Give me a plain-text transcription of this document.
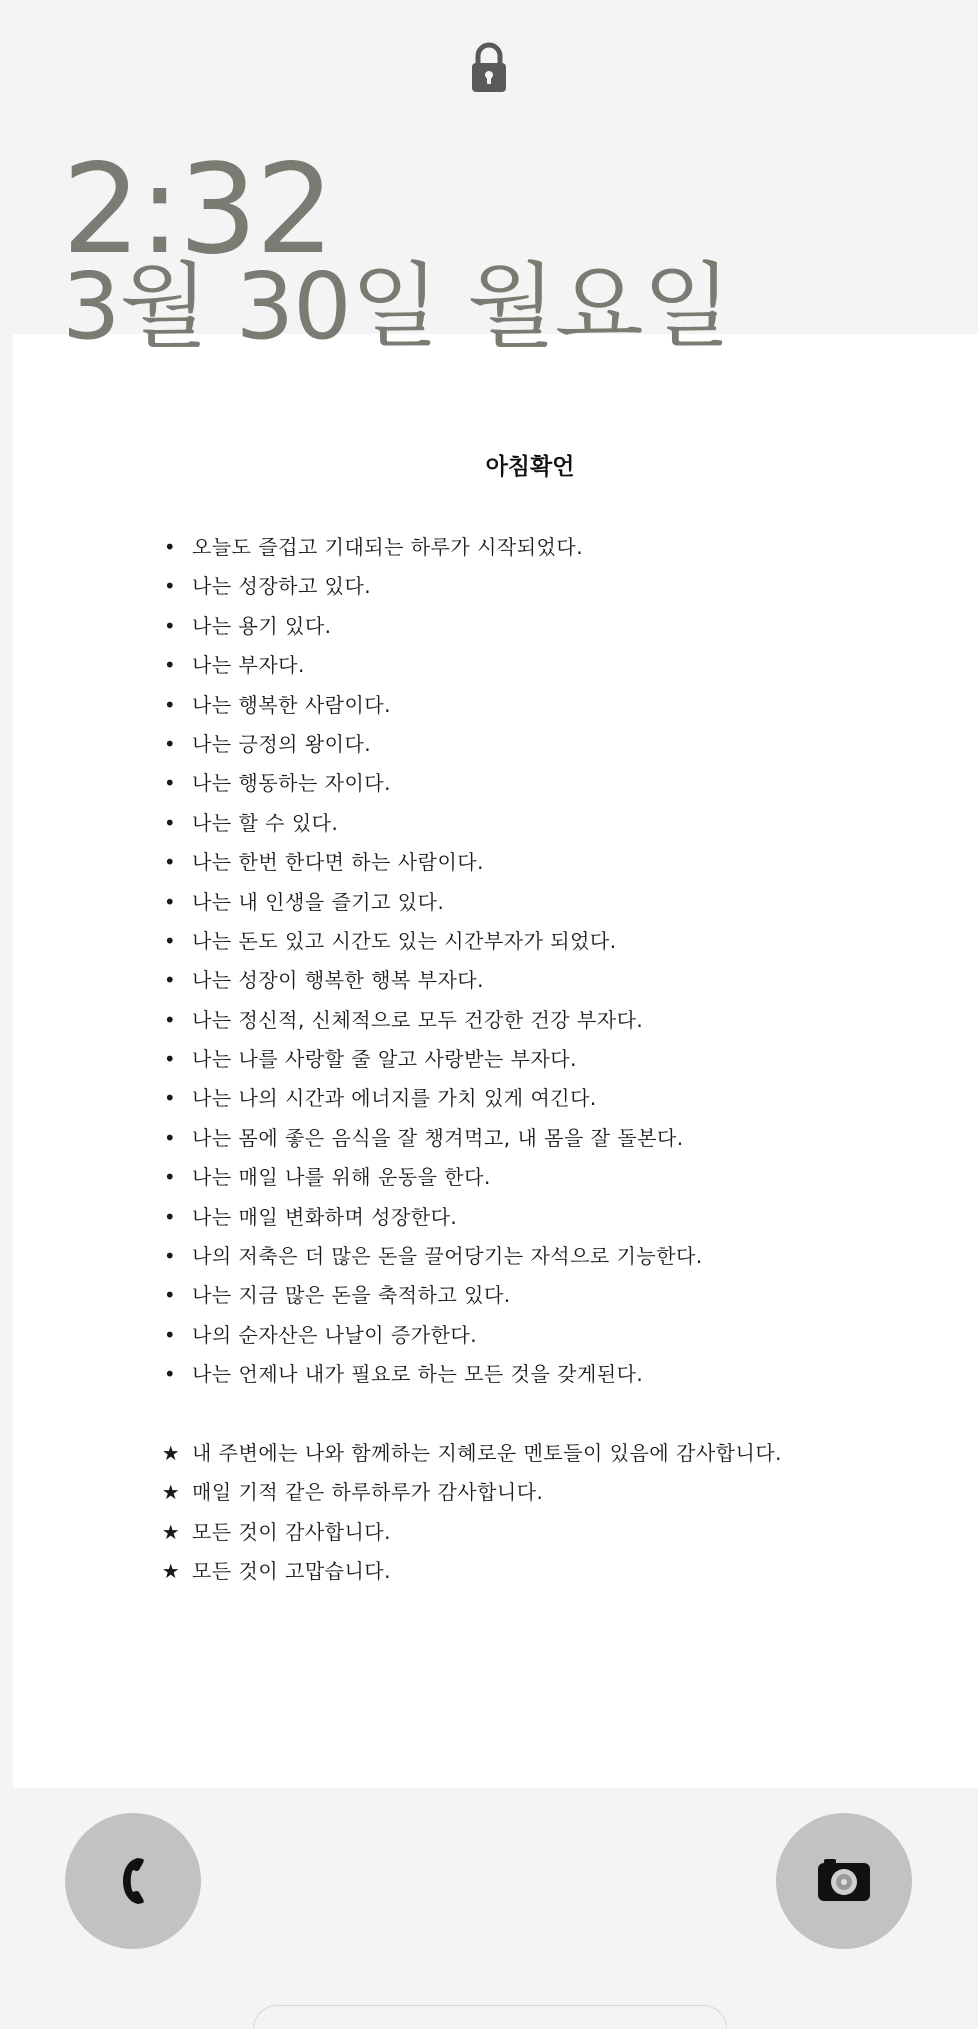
2:32
3월 30일 월요일
아침확언
• 오늘도 즐겁고 기대되는 하루가 시작되었다.
• 나는 성장하고 있다.
• 나는 용기 있다.
• 나는 부자다.
• 나는 행복한 사람이다.
• 나는 긍정의 왕이다.
• 나는 행동하는 자이다.
• 나는 할 수 있다.
• 나는 한번 한다면 하는 사람이다.
• 나는 내 인생을 즐기고 있다.
• 나는 돈도 있고 시간도 있는 시간부자가 되었다.
• 나는 성장이 행복한 행복 부자다.
• 나는 정신적, 신체적으로 모두 건강한 건강 부자다.
• 나는 나를 사랑할 줄 알고 사랑받는 부자다.
• 나는 나의 시간과 에너지를 가치 있게 여긴다.
• 나는 몸에 좋은 음식을 잘 챙겨먹고, 내 몸을 잘 돌본다.
• 나는 매일 나를 위해 운동을 한다.
• 나는 매일 변화하며 성장한다.
• 나의 저축은 더 많은 돈을 끌어당기는 자석으로 기능한다.
• 나는 지금 많은 돈을 축적하고 있다.
• 나의 순자산은 나날이 증가한다.
• 나는 언제나 내가 필요로 하는 모든 것을 갖게된다.
★ 내 주변에는 나와 함께하는 지혜로운 멘토들이 있음에 감사합니다.
★ 매일 기적 같은 하루하루가 감사합니다.
★ 모든 것이 감사합니다.
★ 모든 것이 고맙습니다.
